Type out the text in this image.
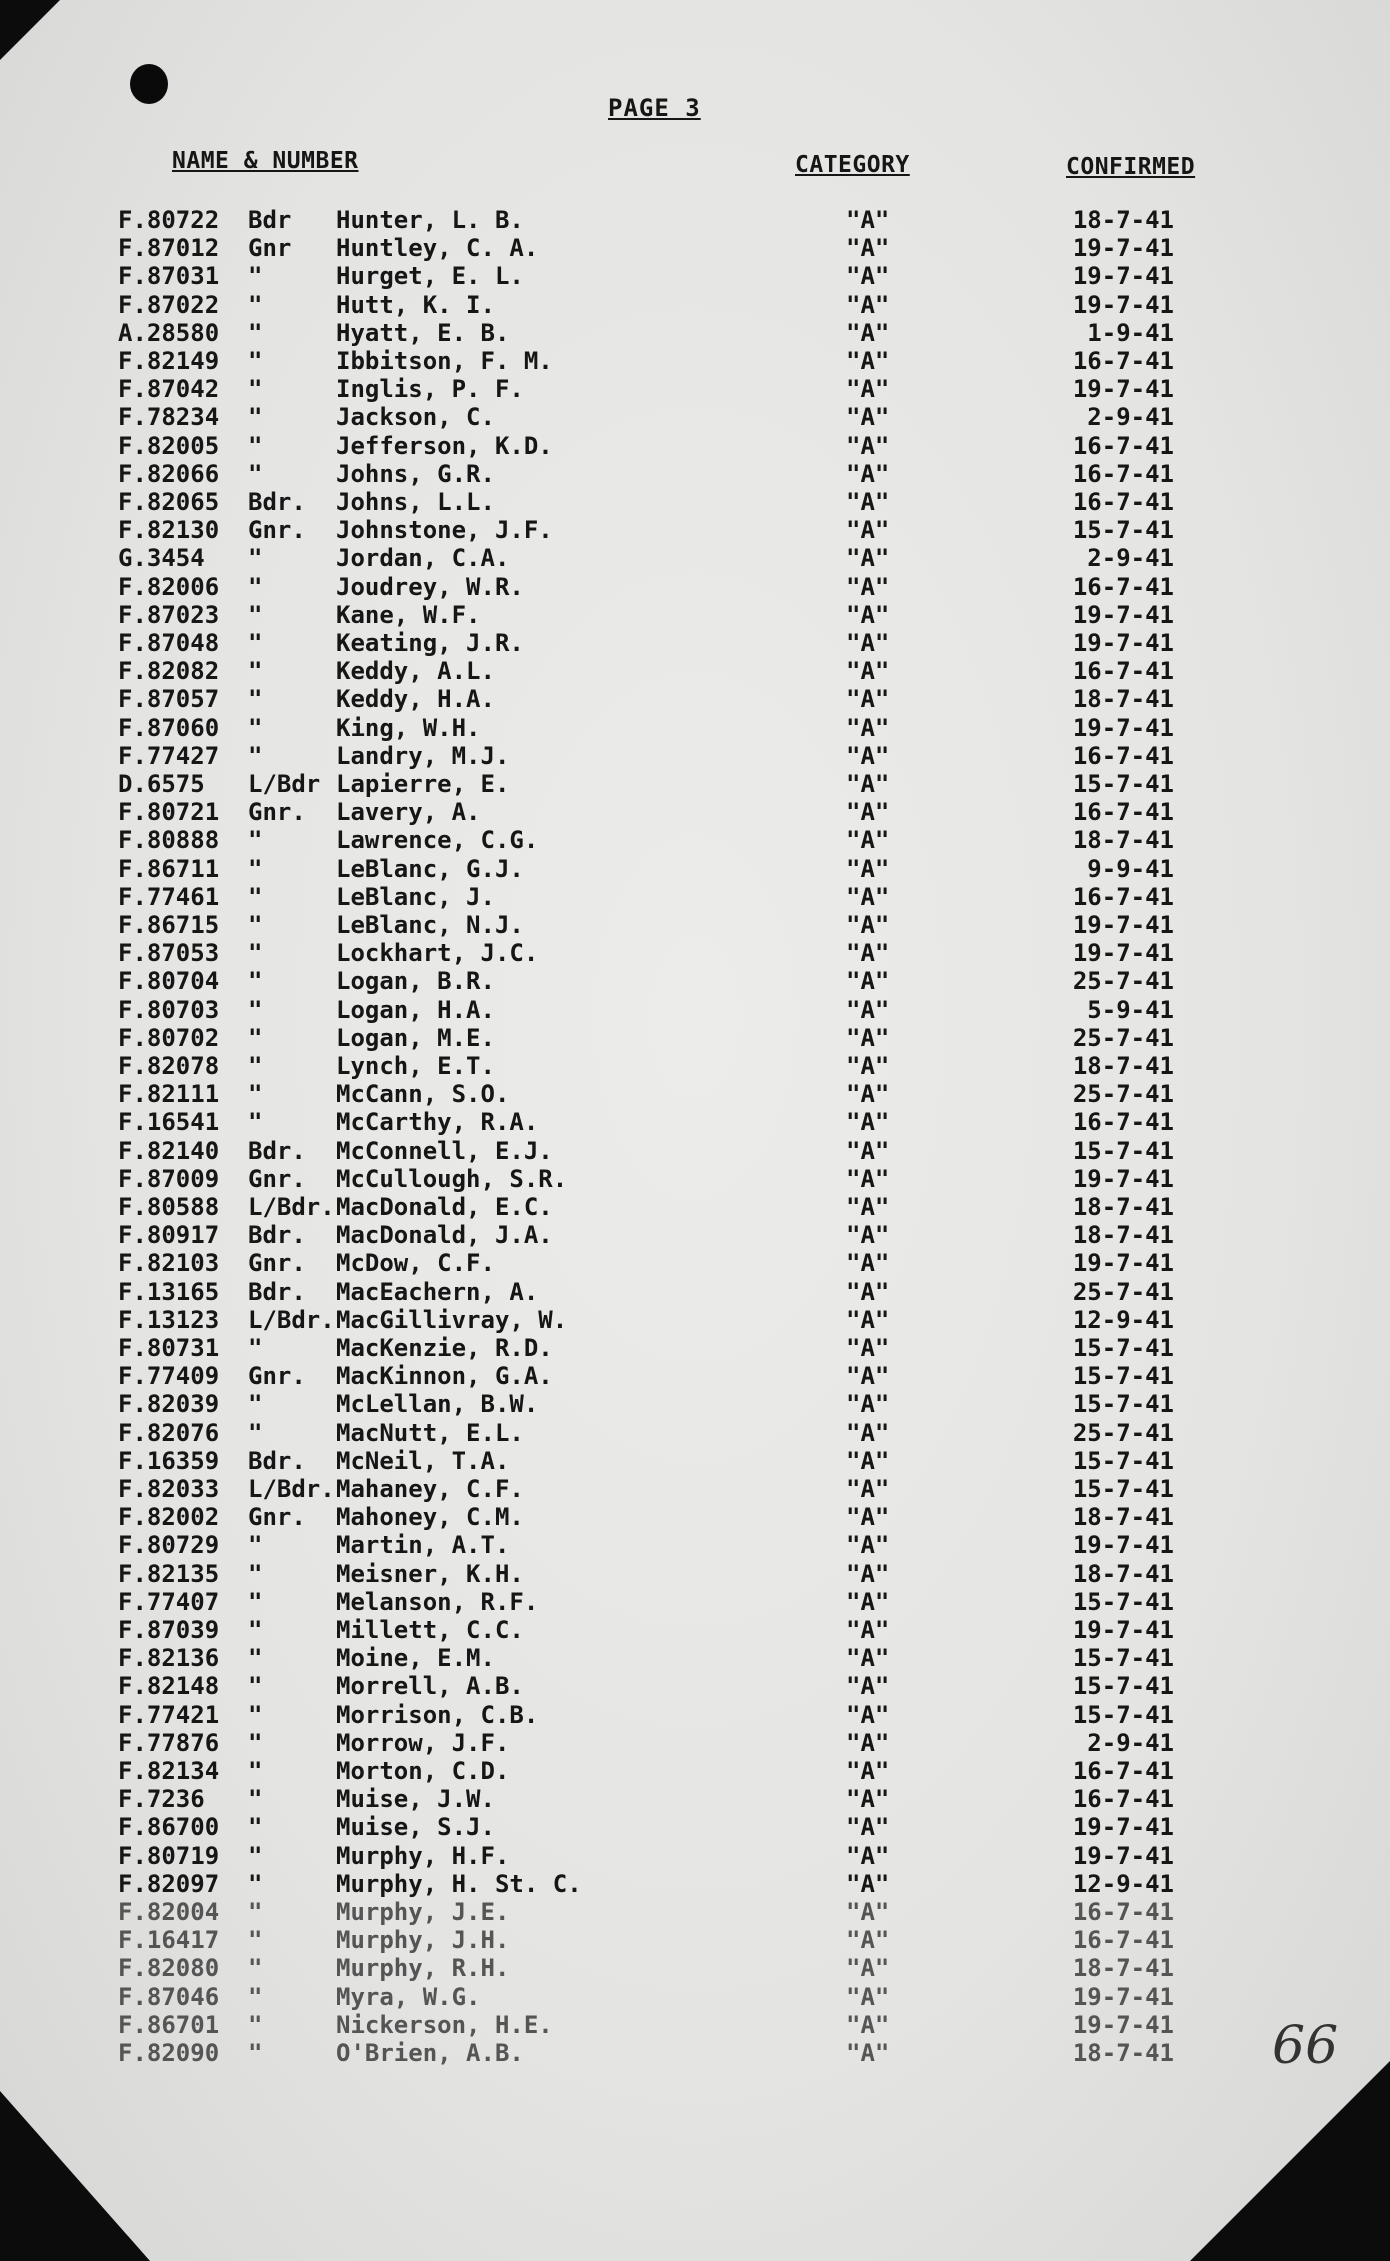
PAGE 3
NAME & NUMBER	CATEGORY	CONFIRMED
F.80722 Bdr Hunter, L. B.	"A"	18-7-41
F.87012 Gnr Huntley, C. A.	"A"	19-7-41
F.87031 "	Hurget, E. L.	"A"	19-7-41
F.87022 "	Hutt, K. I.	"A"	19-7-41
A.28580 "	Hyatt, E. B.	"A"	1-9-41
F.82149 "	Ibbitson, F. M.	"A"	16-7-41
F.87042 "	Inglis, P. F.	"A"	19-7-41
F.78234 "	Jackson, C.	"A"	2-9-41
F.82005 "	Jefferson, K.D.	"A"	16-7-41
F.82066 "	Johns, G.R.	"A"	16-7-41
F.82065 Bdr. Johns, L.L.	"A"	16-7-41
F.82130 Gnr. Johnstone, J.F.	"A"	15-7-41
G.3454 "	Jordan, C.A.	"A"	2-9-41
F.82006 "	Joudrey, W.R.	"A"	16-7-41
F.87023 "	Kane, W.F.	"A"	19-7-41
F.87048 "	Keating, J.R.	"A"	19-7-41
F.82082 "	Keddy, A.L.	"A"	16-7-41
F.87057 "	Keddy, H.A.	"A"	18-7-41
F.87060 "	King, W.H.	"A"	19-7-41
F.77427 "	Landry, M.J.	"A"	16-7-41
D.6575 L/Bdr Lapierre, E.	"A"	15-7-41
F.80721 Gnr. Lavery, A.	"A"	16-7-41
F.80888 "	Lawrence, C.G.	"A"	18-7-41
F.86711 "	LeBlanc, G.J.	"A"	9-9-41
F.77461 "	LeBlanc, J.	"A"	16-7-41
F.86715 "	LeBlanc, N.J.	"A"	19-7-41
F.87053 "	Lockhart, J.C.	"A"	19-7-41
F.80704 "	Logan, B.R.	"A"	25-7-41
F.80703 "	Logan, H.A.	"A"	5-9-41
F.80702 "	Logan, M.E.	"A"	25-7-41
F.82078 "	Lynch, E.T.	"A"	18-7-41
F.82111 "	McCann, S.O.	"A"	25-7-41
F.16541 "	McCarthy, R.A.	"A"	16-7-41
F.82140 Bdr. McConnell, E.J.	"A"	15-7-41
F.87009 Gnr. McCullough, S.R.	"A"	19-7-41
F.80588 L/Bdr. MacDonald, E.C.	"A"	18-7-41
F.80917 Bdr. MacDonald, J.A.	"A"	18-7-41
F.82103 Gnr. McDow, C.F.	"A"	19-7-41
F.13165 Bdr. MacEachern, A.	"A"	25-7-41
F.13123 L/Bdr. MacGillivray, W.	"A"	12-9-41
F.80731 "	MacKenzie, R.D.	"A"	15-7-41
F.77409 Gnr. MacKinnon, G.A.	"A"	15-7-41
F.82039 "	McLellan, B.W.	"A"	15-7-41
F.82076 "	MacNutt, E.L.	"A"	25-7-41
F.16359 Bdr. McNeil, T.A.	"A"	15-7-41
F.82033 L/Bdr. Mahaney, C.F.	"A"	15-7-41
F.82002 Gnr. Mahoney, C.M.	"A"	18-7-41
F.80729 "	Martin, A.T.	"A"	19-7-41
F.82135 "	Meisner, K.H.	"A"	18-7-41
F.77407 "	Melanson, R.F.	"A"	15-7-41
F.87039 "	Millett, C.C.	"A"	19-7-41
F.82136 "	Moine, E.M.	"A"	15-7-41
F.82148 "	Morrell, A.B.	"A"	15-7-41
F.77421 "	Morrison, C.B.	"A"	15-7-41
F.77876 "	Morrow, J.F.	"A"	2-9-41
F.82134 "	Morton, C.D.	"A"	16-7-41
F.7236 "	Muise, J.W.	"A"	16-7-41
F.86700 "	Muise, S.J.	"A"	19-7-41
F.80719 "	Murphy, H.F.	"A"	19-7-41
F.82097 "	Murphy, H. St. C.	"A"	12-9-41
F.82004 "	Murphy, J.E.	"A"	16-7-41
F.16417 "	Murphy, J.H.	"A"	16-7-41
F.82080 "	Murphy, R.H.	"A"	18-7-41
F.87046 "	Myra, W.G.	"A"	19-7-41
F.86701 "	Nickerson, H.E.	"A"	19-7-41
F.82090 "	O'Brien, A.B.	"A"	18-7-41 66
